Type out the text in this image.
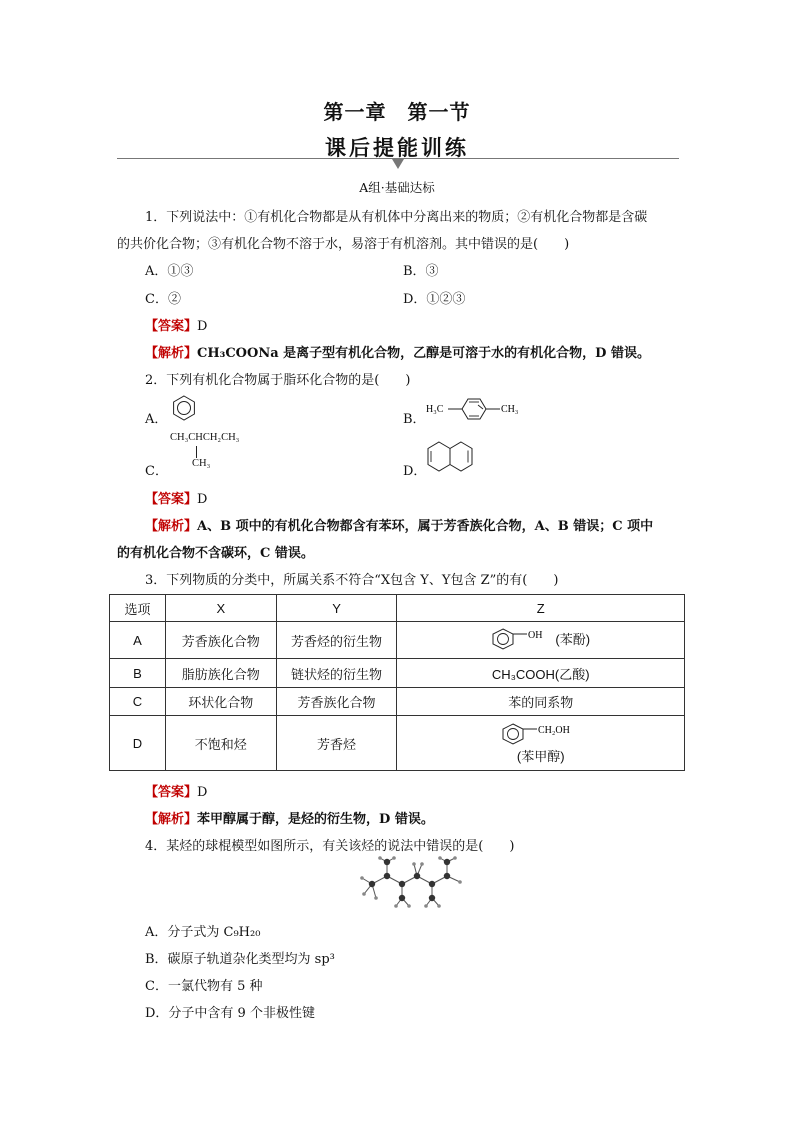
第一章　第一节
课后提能训练
A组·基础达标
1．下列说法中：①有机化合物都是从有机体中分离出来的物质；②有机化合物都是含碳
的共价化合物；③有机化合物不溶于水，易溶于有机溶剂。其中错误的是(　　)
A．①③	B．③
C．②	D．①②③
【答案】D
【解析】CH₃COONa 是离子型有机化合物，乙醇是可溶于水的有机化合物，D 错误。
2．下列有机化合物属于脂环化合物的是(　　)
A．	B．
H₃C	CH₃
CH₃CHCH₂CH₃
CH₃
C．	D．
【答案】D
【解析】A、B 项中的有机化合物都含有苯环，属于芳香族化合物，A、B 错误；C 项中
的有机化合物不含碳环，C 错误。
3．下列物质的分类中，所属关系不符合“X包含 Y、Y包含 Z”的有(　　)
选项	X	Y	Z
A	芳香族化合物	芳香烃的衍生物	OH (苯酚)

B	脂肪族化合物	链状烃的衍生物	CH₃COOH(乙酸)
C	环状化合物	芳香族化合物	苯的同系物
D	不饱和烃	芳香烃	CH₂OH
(苯甲醇)
【答案】D
【解析】苯甲醇属于醇，是烃的衍生物，D 错误。
4．某烃的球棍模型如图所示，有关该烃的说法中错误的是(　　)
A．分子式为 C₉H₂₀
B．碳原子轨道杂化类型均为 sp³
C．一氯代物有 5 种
D．分子中含有 9 个非极性键
